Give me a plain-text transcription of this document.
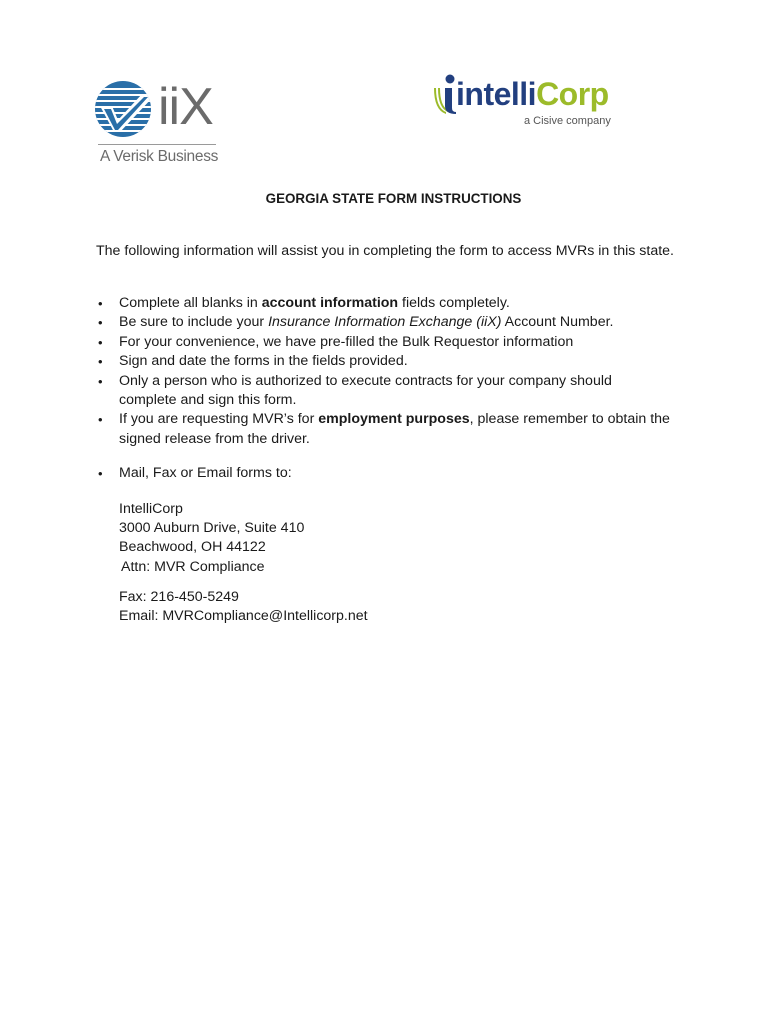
iiX
A Verisk Business
intelliCorp
a Cisive company
GEORGIA STATE FORM INSTRUCTIONS
The following information will assist you in completing the form to access MVRs in this state.
• Complete all blanks in account information fields completely.
• Be sure to include your Insurance Information Exchange (iiX) Account Number.
• For your convenience, we have pre-filled the Bulk Requestor information
• Sign and date the forms in the fields provided.
• Only a person who is authorized to execute contracts for your company should complete and sign this form.
• If you are requesting MVR’s for employment purposes, please remember to obtain the signed release from the driver.
• Mail, Fax or Email forms to:
IntelliCorp
3000 Auburn Drive, Suite 410
Beachwood, OH 44122
Attn: MVR Compliance
Fax: 216-450-5249
Email: MVRCompliance@Intellicorp.net
